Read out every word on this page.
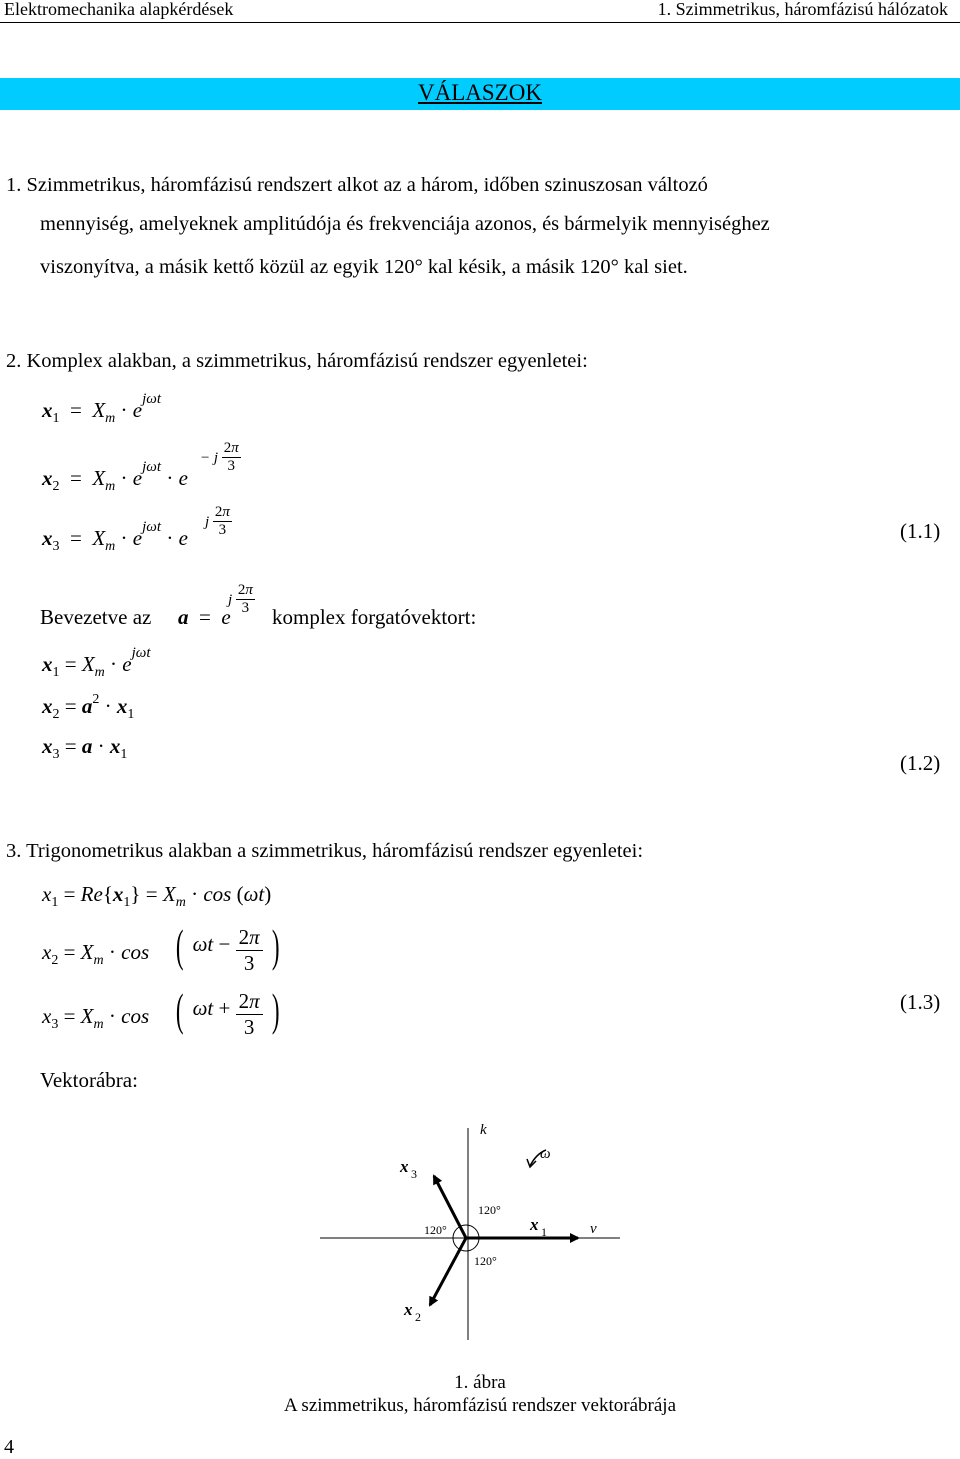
Elektromechanika alapkérdések	1. Szimmetrikus, háromfázisú hálózatok
VÁLASZOK
1. Szimmetrikus, háromfázisú rendszert alkot az a három, időben szinuszosan változó
mennyiség, amelyeknek amplitúdója és frekvenciája azonos, és bármelyik mennyiséghez
viszonyítva, a másik kettő közül az egyik 120° kal késik, a másik 120° kal siet.
2. Komplex alakban, a szimmetrikus, háromfázisú rendszer egyenletei:
$x_1 = X_m \cdot e^{j\omega t}$
$x_2 = X_m \cdot e^{j\omega t} \cdot e$
− j $\frac{2\pi}{3}$
$x_3 = X_m \cdot e^{j\omega t} \cdot e$
j $\frac{2\pi}{3}$	(1.1)
Bevezetve az a  =  e
j $\frac{2\pi}{3}$ komplex forgatóvektort:
$x_1 = X_m \cdot e^{j\omega t}$
$x_2 = a^2 \cdot x_1$
$x_3 = a \cdot x_1$	(1.2)
3. Trigonometrikus alakban a szimmetrikus, háromfázisú rendszer egyenletei:
$x_1 = Re\{x_1\} = X_m \cdot \cos (\omega t)$
$x_2 = X_m \cdot \cos$ ( $\omega t - \frac{2\pi}{3}$ )
$x_3 = X_m \cdot \cos$ ( $\omega t + \frac{2\pi}{3}$ )	(1.3)
Vektorábra:
k
v
ω
x 3
x 1
x 2
120°
120°
120°
1. ábra
A szimmetrikus, háromfázisú rendszer vektorábrája
4
